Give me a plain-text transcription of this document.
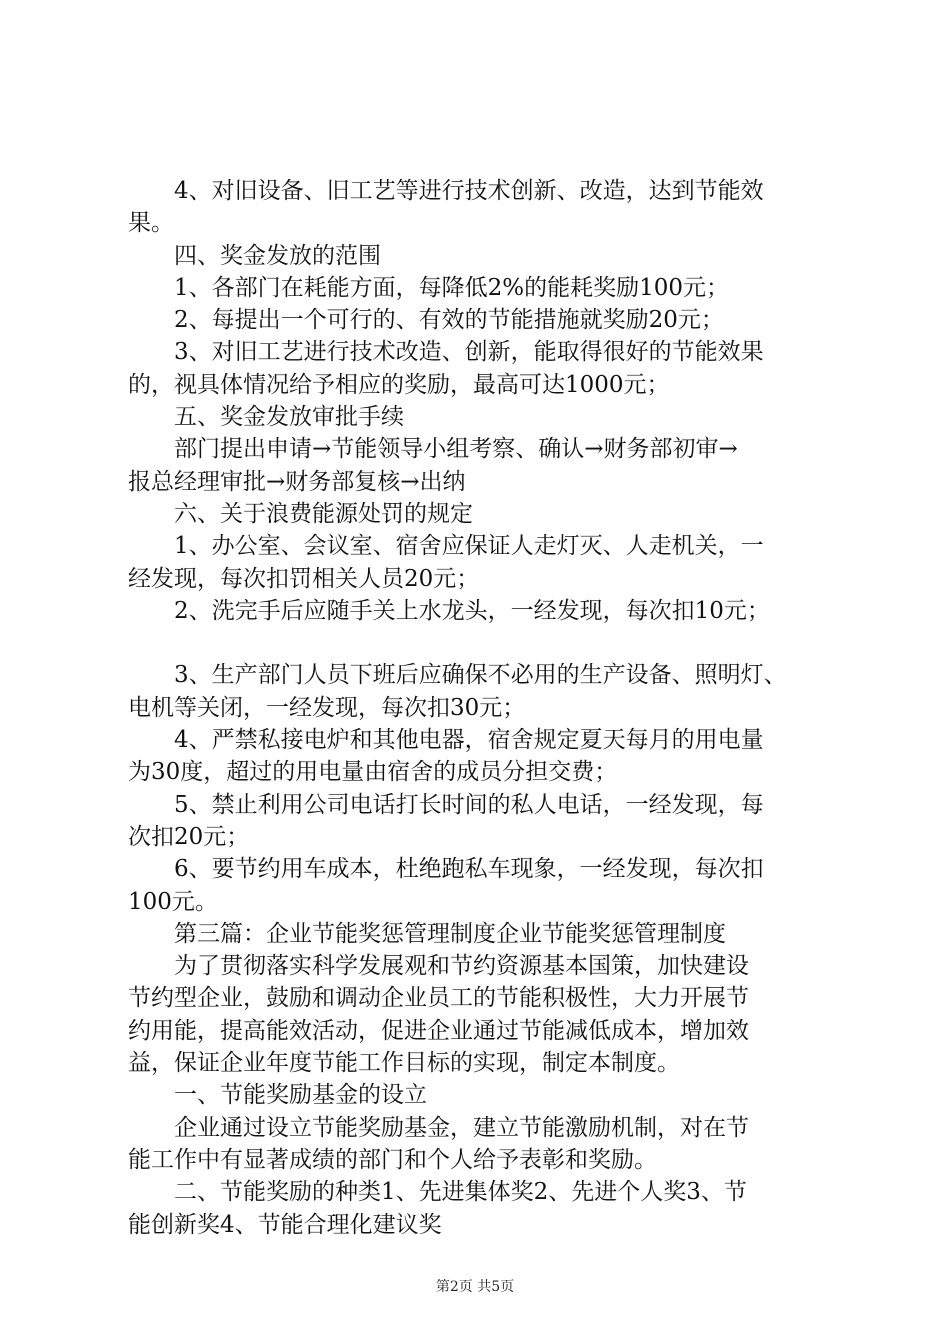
　　4、对旧设备、旧工艺等进行技术创新、改造，达到节能效
果。
　　四、奖金发放的范围
　　1、各部门在耗能方面，每降低2%的能耗奖励100元；
　　2、每提出一个可行的、有效的节能措施就奖励20元；
　　3、对旧工艺进行技术改造、创新，能取得很好的节能效果
的，视具体情况给予相应的奖励，最高可达1000元；
　　五、奖金发放审批手续
　　部门提出申请→节能领导小组考察、确认→财务部初审→
报总经理审批→财务部复核→出纳
　　六、关于浪费能源处罚的规定
　　1、办公室、会议室、宿舍应保证人走灯灭、人走机关，一
经发现，每次扣罚相关人员20元；
　　2、洗完手后应随手关上水龙头，一经发现，每次扣10元；
　　3、生产部门人员下班后应确保不必用的生产设备、照明灯、
电机等关闭，一经发现，每次扣30元；
　　4、严禁私接电炉和其他电器，宿舍规定夏天每月的用电量
为30度，超过的用电量由宿舍的成员分担交费；
　　5、禁止利用公司电话打长时间的私人电话，一经发现，每
次扣20元；
　　6、要节约用车成本，杜绝跑私车现象，一经发现，每次扣
100元。
　　第三篇：企业节能奖惩管理制度企业节能奖惩管理制度
　　为了贯彻落实科学发展观和节约资源基本国策，加快建设
节约型企业，鼓励和调动企业员工的节能积极性，大力开展节
约用能，提高能效活动，促进企业通过节能减低成本，增加效
益，保证企业年度节能工作目标的实现，制定本制度。
　　一、节能奖励基金的设立
　　企业通过设立节能奖励基金，建立节能激励机制，对在节
能工作中有显著成绩的部门和个人给予表彰和奖励。
　　二、节能奖励的种类1、先进集体奖2、先进个人奖3、节
能创新奖4、节能合理化建议奖
第2页 共5页
